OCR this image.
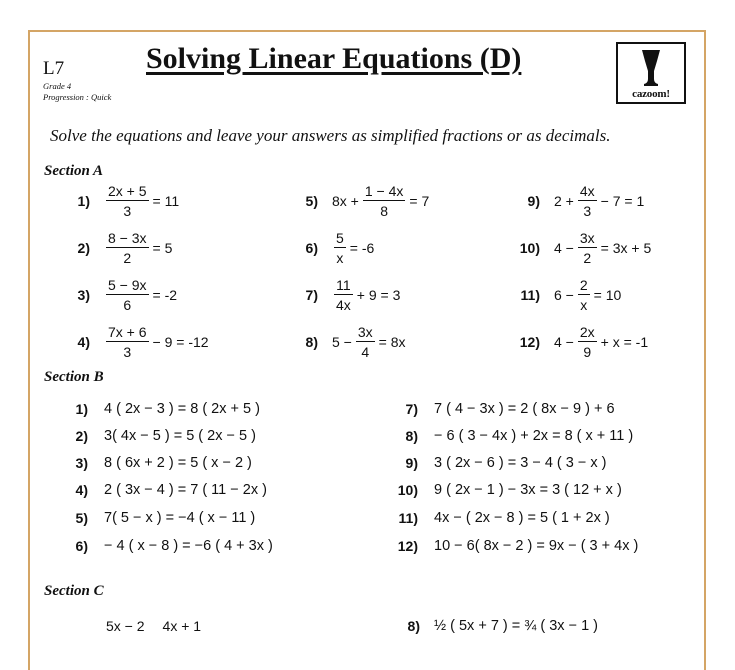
L7
Grade 4
Progression : Quick
Solving Linear Equations (D)
cazoom!
Solve the equations and leave your answers as simplified fractions or as decimals.
Section A
$1) \frac{2x + 5}{3} = 11$
$2) \frac{8 - 3x}{2} = 5$
$3) \frac{5 - 9x}{6} = -2$
$4) \frac{7x + 6}{3} - 9 = -12$
5) $8x + \frac{1 - 4x}{8} = 7$
$6) \frac{5}{x} = -6$
$7) \frac{11}{4x} + 9 = 3$
8) $5 - \frac{3x}{4} = 8x$
9) $2 + \frac{4x}{3} - 7 = 1$
10) $4 - \frac{3x}{2} = 3x + 5$
11) $6 - \frac{2}{x} = 10$
12) $4 - \frac{2x}{9} + x = -1$
Section B
1) 4 ( 2x − 3 ) = 8 ( 2x + 5 )
2) 3( 4x − 5 ) = 5 ( 2x − 5 )
3) 8 ( 6x + 2 ) = 5 ( x − 2 )
4) 2 ( 3x − 4 ) = 7 ( 11 − 2x )
5) 7( 5 − x ) = −4 ( x − 11 )
6) − 4 ( x − 8 ) = −6 ( 4 + 3x )
7) 7 ( 4 − 3x ) = 2 ( 8x − 9 ) + 6
8) − 6 ( 3 − 4x ) + 2x = 8 ( x + 11 )
9) 3 ( 2x − 6 ) = 3 − 4 ( 3 − x )
10) 9 ( 2x − 1 ) − 3x = 3 ( 12 + x )
11) 4x − ( 2x − 8 ) = 5 ( 1 + 2x )
12) 10 − 6( 8x − 2 ) = 9x − ( 3 + 4x )
Section C
5x − 2 4x + 1	8) ½ ( 5x + 7 ) = ¾ ( 3x − 1 )
